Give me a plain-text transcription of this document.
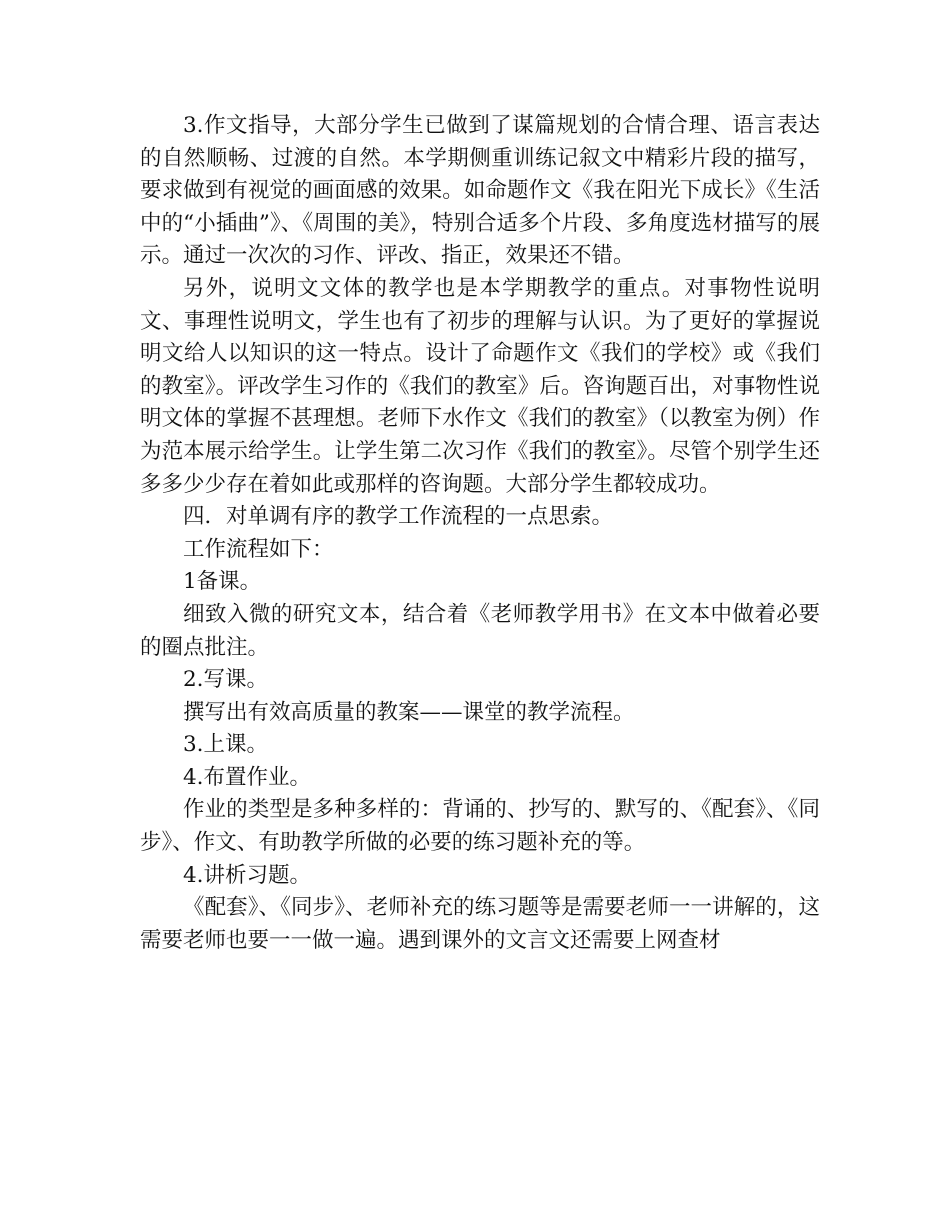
3.作文指导，大部分学生已做到了谋篇规划的合情合理、语言表达的自然顺畅、过渡的自然。本学期侧重训练记叙文中精彩片段的描写，要求做到有视觉的画面感的效果。如命题作文《我在阳光下成长》《生活中的“小插曲”》、《周围的美》，特别合适多个片段、多角度选材描写的展示。通过一次次的习作、评改、指正，效果还不错。

另外，说明文文体的教学也是本学期教学的重点。对事物性说明文、事理性说明文，学生也有了初步的理解与认识。为了更好的掌握说明文给人以知识的这一特点。设计了命题作文《我们的学校》或《我们的教室》。评改学生习作的《我们的教室》后。咨询题百出，对事物性说明文体的掌握不甚理想。老师下水作文《我们的教室》（以教室为例）作为范本展示给学生。让学生第二次习作《我们的教室》。尽管个别学生还多多少少存在着如此或那样的咨询题。大部分学生都较成功。

四．对单调有序的教学工作流程的一点思索。

工作流程如下：

1备课。

细致入微的研究文本，结合着《老师教学用书》在文本中做着必要的圈点批注。

2.写课。

撰写出有效高质量的教案——课堂的教学流程。

3.上课。

4.布置作业。

作业的类型是多种多样的：背诵的、抄写的、默写的、《配套》、《同步》、作文、有助教学所做的必要的练习题补充的等。

4.讲析习题。

《配套》、《同步》、老师补充的练习题等是需要老师一一讲解的，这需要老师也要一一做一遍。遇到课外的文言文还需要上网查材
